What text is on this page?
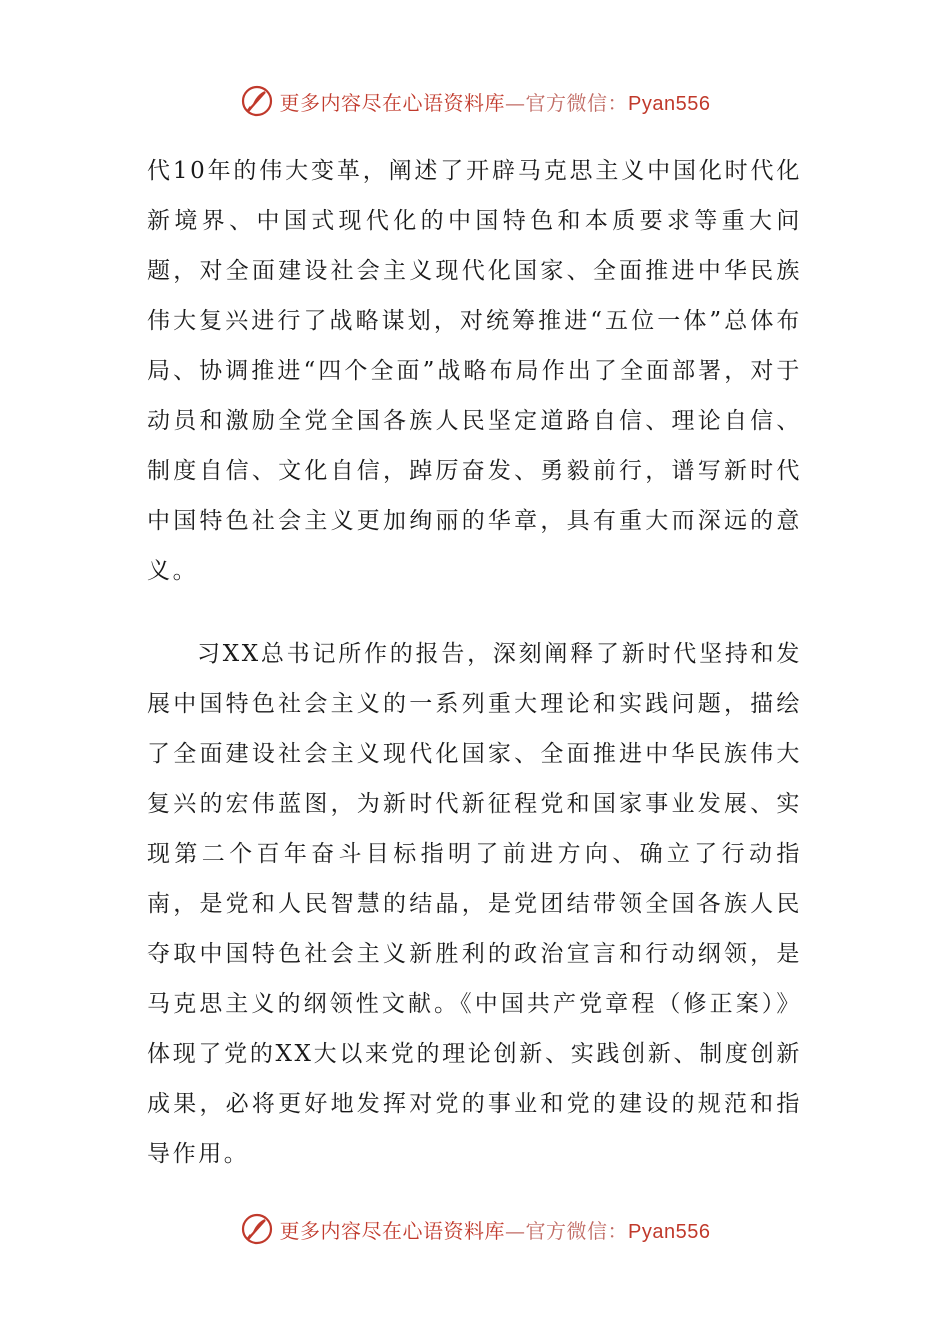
更多内容尽在心语资料库 — 官方微信： Pyan556

代10年的伟大变革，阐述了开辟马克思主义中国化时代化新境界、中国式现代化的中国特色和本质要求等重大问题，对全面建设社会主义现代化国家、全面推进中华民族伟大复兴进行了战略谋划，对统筹推进“五位一体”总体布局、协调推进“四个全面”战略布局作出了全面部署，对于动员和激励全党全国各族人民坚定道路自信、理论自信、制度自信、文化自信，踔厉奋发、勇毅前行，谱写新时代中国特色社会主义更加绚丽的华章，具有重大而深远的意义。

习XX总书记所作的报告，深刻阐释了新时代坚持和发展中国特色社会主义的一系列重大理论和实践问题，描绘了全面建设社会主义现代化国家、全面推进中华民族伟大复兴的宏伟蓝图，为新时代新征程党和国家事业发展、实现第二个百年奋斗目标指明了前进方向、确立了行动指南，是党和人民智慧的结晶，是党团结带领全国各族人民夺取中国特色社会主义新胜利的政治宣言和行动纲领，是马克思主义的纲领性文献。《中国共产党章程（修正案）》体现了党的XX大以来党的理论创新、实践创新、制度创新成果，必将更好地发挥对党的事业和党的建设的规范和指导作用。

更多内容尽在心语资料库 — 官方微信： Pyan556
